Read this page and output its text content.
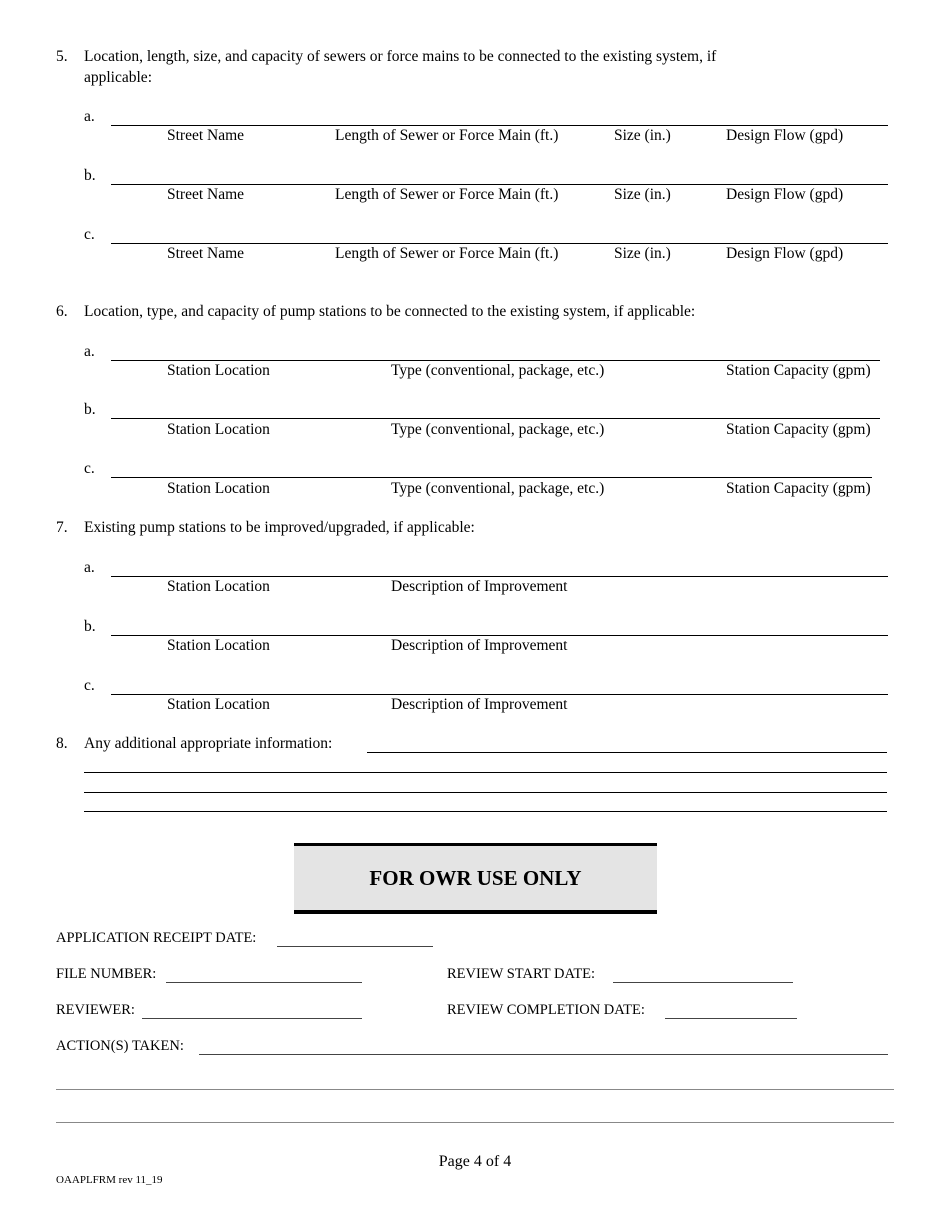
5. Location, length, size, and capacity of sewers or force mains to be connected to the existing system, if
applicable:
a.
Street Name	Length of Sewer or Force Main (ft.)	Size (in.)	Design Flow (gpd)
b.
Street Name	Length of Sewer or Force Main (ft.)	Size (in.)	Design Flow (gpd)
c.
Street Name	Length of Sewer or Force Main (ft.)	Size (in.)	Design Flow (gpd)
6. Location, type, and capacity of pump stations to be connected to the existing system, if applicable:
a.
Station Location	Type (conventional, package, etc.)	Station Capacity (gpm)
b.
Station Location	Type (conventional, package, etc.)	Station Capacity (gpm)
c.
Station Location	Type (conventional, package, etc.)	Station Capacity (gpm)
7. Existing pump stations to be improved/upgraded, if applicable:
a.
Station Location	Description of Improvement
b.
Station Location	Description of Improvement
c.
Station Location	Description of Improvement
8. Any additional appropriate information:
FOR OWR USE ONLY
APPLICATION RECEIPT DATE:
FILE NUMBER:	REVIEW START DATE:
REVIEWER:	REVIEW COMPLETION DATE:
ACTION(S) TAKEN:
Page 4 of 4
OAAPLFRM rev 11_19
